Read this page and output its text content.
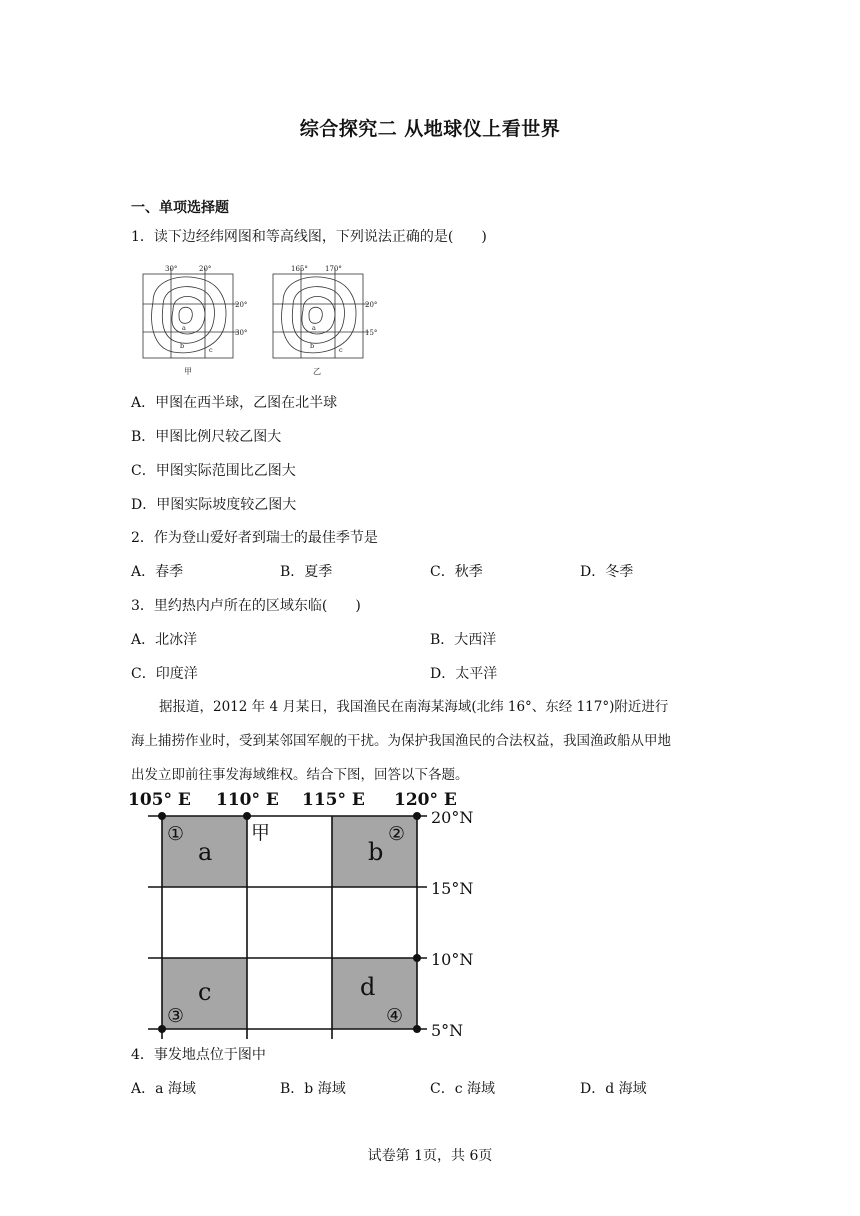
综合探究二 从地球仪上看世界
一、单项选择题
1．读下边经纬网图和等高线图，下列说法正确的是(　　)
30°	20°
20°
30°
a
b	c
甲
165° 170°
20°
15°
a
b	c
乙
A．甲图在西半球，乙图在北半球
B．甲图比例尺较乙图大
C．甲图实际范围比乙图大
D．甲图实际坡度较乙图大
2．作为登山爱好者到瑞士的最佳季节是
A．春季	B．夏季	C．秋季	D．冬季
3．里约热内卢所在的区域东临(　　)
A．北冰洋	B．大西洋
C．印度洋	D．太平洋
据报道，2012 年 4 月某日，我国渔民在南海某海域(北纬 16°、东经 117°)附近进行
海上捕捞作业时，受到某邻国军舰的干扰。为保护我国渔民的合法权益，我国渔政船从甲地
出发立即前往事发海域维权。结合下图，回答以下各题。
105° E 110° E 115° E 120° E
20°N
15°N
10°N
5°N
甲
a	b
c	d
①	②
③	④
4．事发地点位于图中
A．a 海域	B．b 海域	C．c 海域	D．d 海域
试卷第 1页，共 6页
